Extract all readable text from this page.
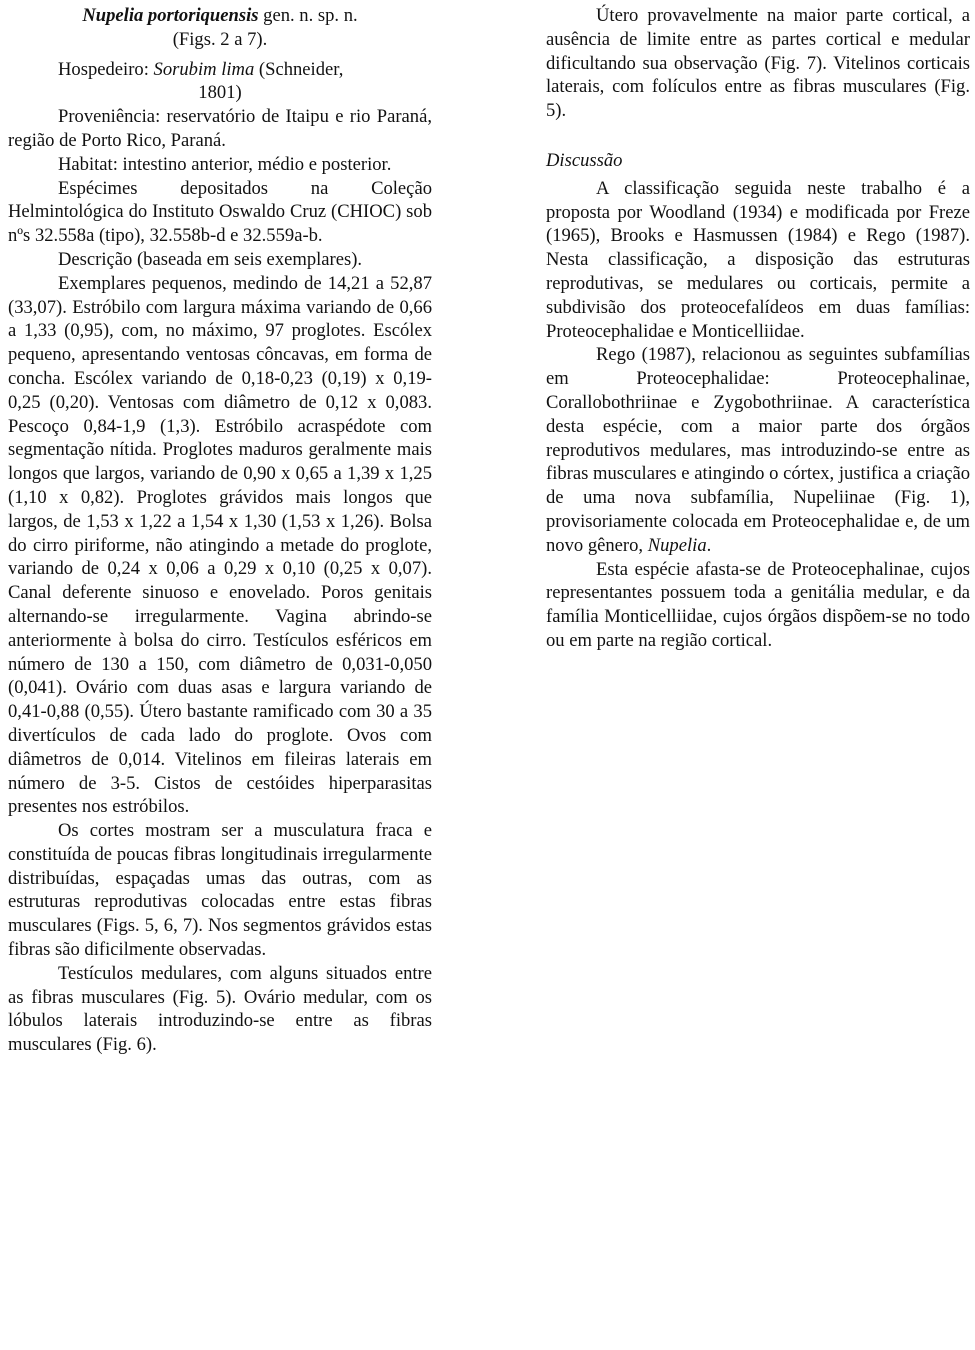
Nupelia portoriquensis gen. n. sp. n.

(Figs. 2 a 7).

Hospedeiro: Sorubim lima (Schneider,

1801)

Proveniência: reservatório de Itaipu e rio Paraná, região de Porto Rico, Paraná.

Habitat: intestino anterior, médio e posterior.

Espécimes depositados na Coleção Helmintológica do Instituto Oswaldo Cruz (CHIOC) sob nºs 32.558a (tipo), 32.558b-d e 32.559a-b.

Descrição (baseada em seis exemplares).

Exemplares pequenos, medindo de 14,21 a 52,87 (33,07). Estróbilo com largura máxima variando de 0,66 a 1,33 (0,95), com, no máximo, 97 proglotes. Escólex pequeno, apresentando ventosas côncavas, em forma de concha. Escólex variando de 0,18-0,23 (0,19) x 0,19-0,25 (0,20). Ventosas com diâmetro de 0,12 x 0,083. Pescoço 0,84-1,9 (1,3). Estróbilo acraspédote com segmentação nítida. Proglotes maduros geralmente mais longos que largos, variando de 0,90 x 0,65 a 1,39 x 1,25 (1,10 x 0,82). Proglotes grávidos mais longos que largos, de 1,53 x 1,22 a 1,54 x 1,30 (1,53 x 1,26). Bolsa do cirro piriforme, não atingindo a metade do proglote, variando de 0,24 x 0,06 a 0,29 x 0,10 (0,25 x 0,07). Canal deferente sinuoso e enovelado. Poros genitais alternando-se irregularmente. Vagina abrindo-se anteriormente à bolsa do cirro. Testículos esféricos em número de 130 a 150, com diâmetro de 0,031-0,050 (0,041). Ovário com duas asas e largura variando de 0,41-0,88 (0,55). Útero bastante ramificado com 30 a 35 divertículos de cada lado do proglote. Ovos com diâmetros de 0,014. Vitelinos em fileiras laterais em número de 3-5. Cistos de cestóides hiperparasitas presentes nos estróbilos.

Os cortes mostram ser a musculatura fraca e constituída de poucas fibras longitudinais irregularmente distribuídas, espaçadas umas das outras, com as estruturas reprodutivas colocadas entre estas fibras musculares (Figs. 5, 6, 7). Nos segmentos grávidos estas fibras são dificilmente observadas.

Testículos medulares, com alguns situados entre as fibras musculares (Fig. 5). Ovário medular, com os lóbulos laterais introduzindo-se entre as fibras musculares (Fig. 6).

Útero provavelmente na maior parte cortical, a ausência de limite entre as partes cortical e medular dificultando sua observação (Fig. 7). Vitelinos corticais laterais, com folículos entre as fibras musculares (Fig. 5).

Discussão

A classificação seguida neste trabalho é a proposta por Woodland (1934) e modificada por Freze (1965), Brooks e Hasmussen (1984) e Rego (1987). Nesta classificação, a disposição das estruturas reprodutivas, se medulares ou corticais, permite a subdivisão dos proteocefalídeos em duas famílias: Proteocephalidae e Monticelliidae.

Rego (1987), relacionou as seguintes subfamílias em Proteocephalidae: Proteocephalinae, Corallobothriinae e Zygobothriinae. A característica desta espécie, com a maior parte dos órgãos reprodutivos medulares, mas introduzindo-se entre as fibras musculares e atingindo o córtex, justifica a criação de uma nova subfamília, Nupeliinae (Fig. 1), provisoriamente colocada em Proteocephalidae e, de um novo gênero, Nupelia.

Esta espécie afasta-se de Proteocephalinae, cujos representantes possuem toda a genitália medular, e da família Monticelliidae, cujos órgãos dispõem-se no todo ou em parte na região cortical.
